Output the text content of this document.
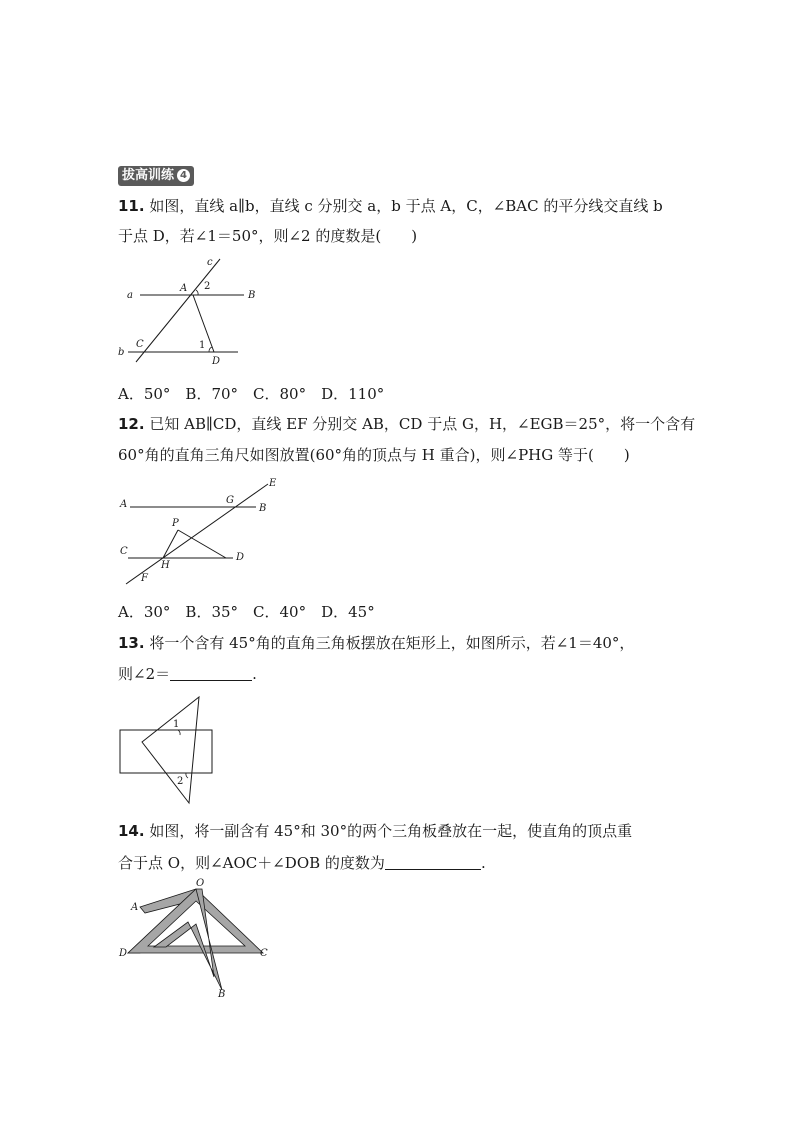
拔高训练 4
11. 如图，直线 a∥b，直线 c 分别交 a，b 于点 A，C，∠BAC 的平分线交直线 b
于点 D，若∠1＝50°，则∠2 的度数是(　　)
c
a
A 2
B
C
b
1
D
A．50°　B．70°　C．80°　D．110°
12. 已知 AB∥CD，直线 EF 分别交 AB，CD 于点 G，H，∠EGB＝25°，将一个含有
60°角的直角三角尺如图放置(60°角的顶点与 H 重合)，则∠PHG 等于(　　)
E
A	G
B
P
C
D
H
F
A．30°　B．35°　C．40°　D．45°
13. 将一个含有 45°角的直角三角板摆放在矩形上，如图所示，若∠1＝40°，
则∠2＝	.
1
2
14. 如图，将一副含有 45°和 30°的两个三角板叠放在一起，使直角的顶点重
合于点 O，则∠AOC＋∠DOB 的度数为	.
O
A
D	C
B
